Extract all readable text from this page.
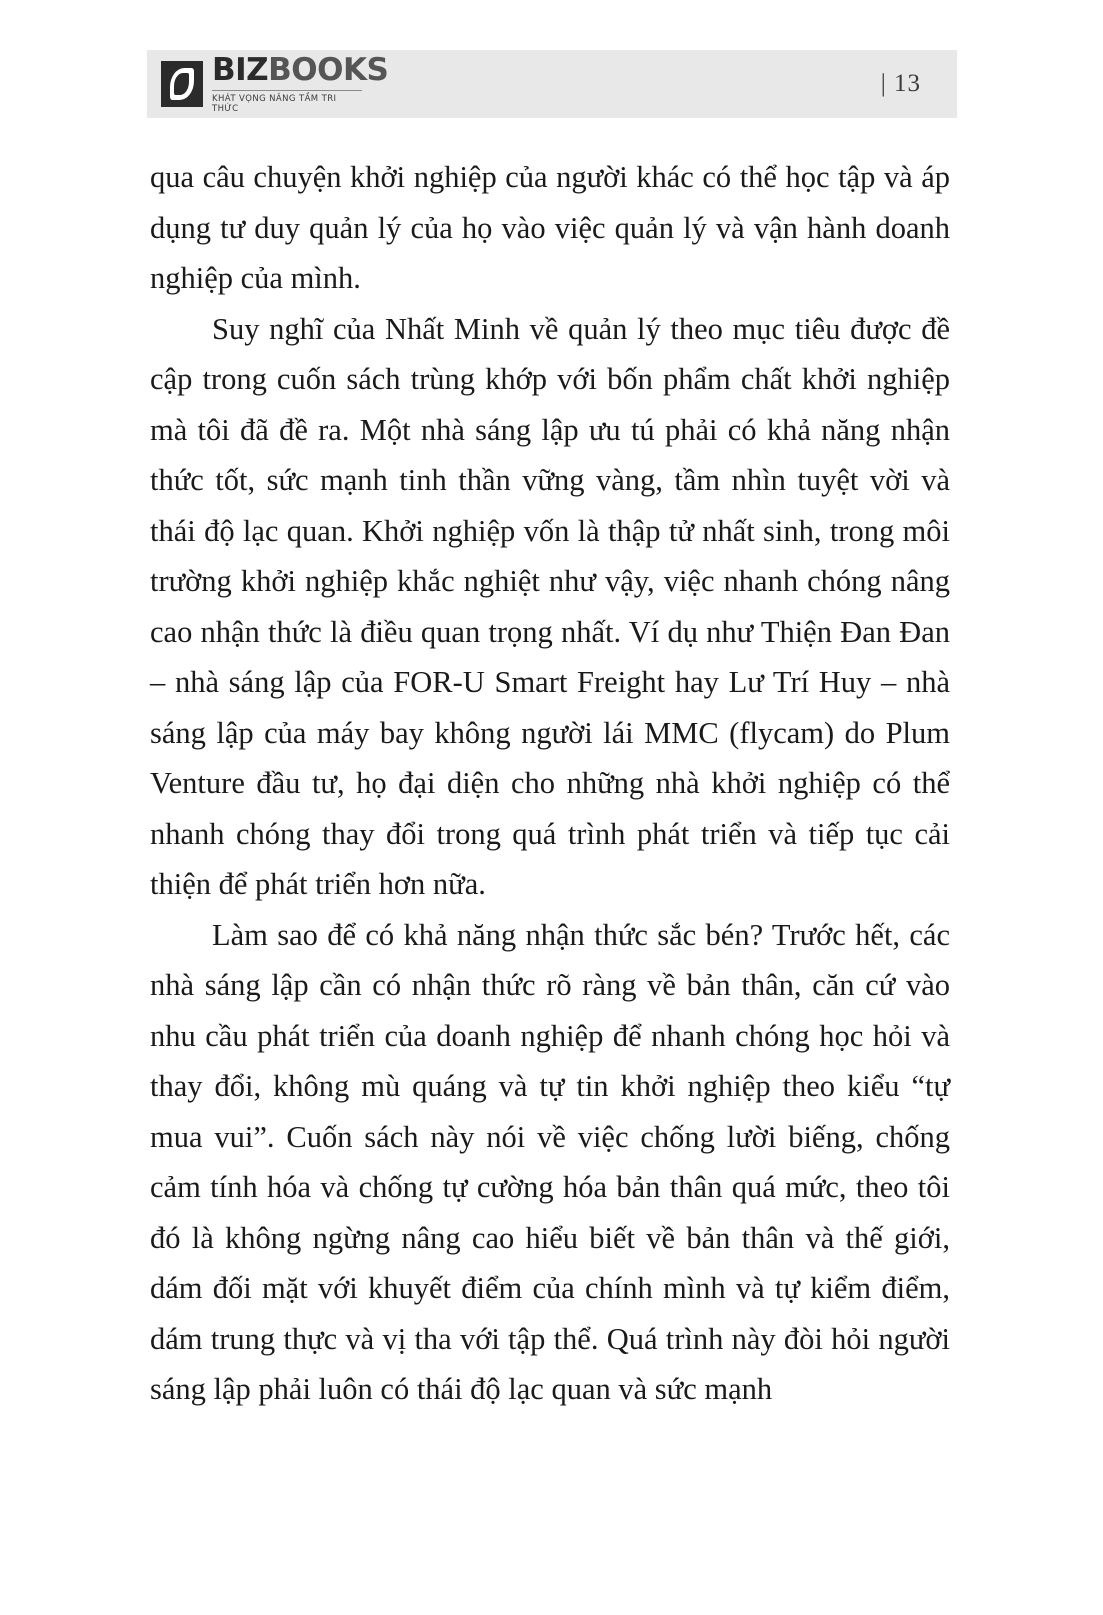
BIZBOOKS
KHÁT VỌNG NÂNG TẦM TRI THỨC
| 13

qua câu chuyện khởi nghiệp của người khác có thể học tập và áp dụng tư duy quản lý của họ vào việc quản lý và vận hành doanh nghiệp của mình.

Suy nghĩ của Nhất Minh về quản lý theo mục tiêu được đề cập trong cuốn sách trùng khớp với bốn phẩm chất khởi nghiệp mà tôi đã đề ra. Một nhà sáng lập ưu tú phải có khả năng nhận thức tốt, sức mạnh tinh thần vững vàng, tầm nhìn tuyệt vời và thái độ lạc quan. Khởi nghiệp vốn là thập tử nhất sinh, trong môi trường khởi nghiệp khắc nghiệt như vậy, việc nhanh chóng nâng cao nhận thức là điều quan trọng nhất. Ví dụ như Thiện Đan Đan – nhà sáng lập của FOR-U Smart Freight hay Lư Trí Huy – nhà sáng lập của máy bay không người lái MMC (flycam) do Plum Venture đầu tư, họ đại diện cho những nhà khởi nghiệp có thể nhanh chóng thay đổi trong quá trình phát triển và tiếp tục cải thiện để phát triển hơn nữa.

Làm sao để có khả năng nhận thức sắc bén? Trước hết, các nhà sáng lập cần có nhận thức rõ ràng về bản thân, căn cứ vào nhu cầu phát triển của doanh nghiệp để nhanh chóng học hỏi và thay đổi, không mù quáng và tự tin khởi nghiệp theo kiểu “tự mua vui”. Cuốn sách này nói về việc chống lười biếng, chống cảm tính hóa và chống tự cường hóa bản thân quá mức, theo tôi đó là không ngừng nâng cao hiểu biết về bản thân và thế giới, dám đối mặt với khuyết điểm của chính mình và tự kiểm điểm, dám trung thực và vị tha với tập thể. Quá trình này đòi hỏi người sáng lập phải luôn có thái độ lạc quan và sức mạnh
